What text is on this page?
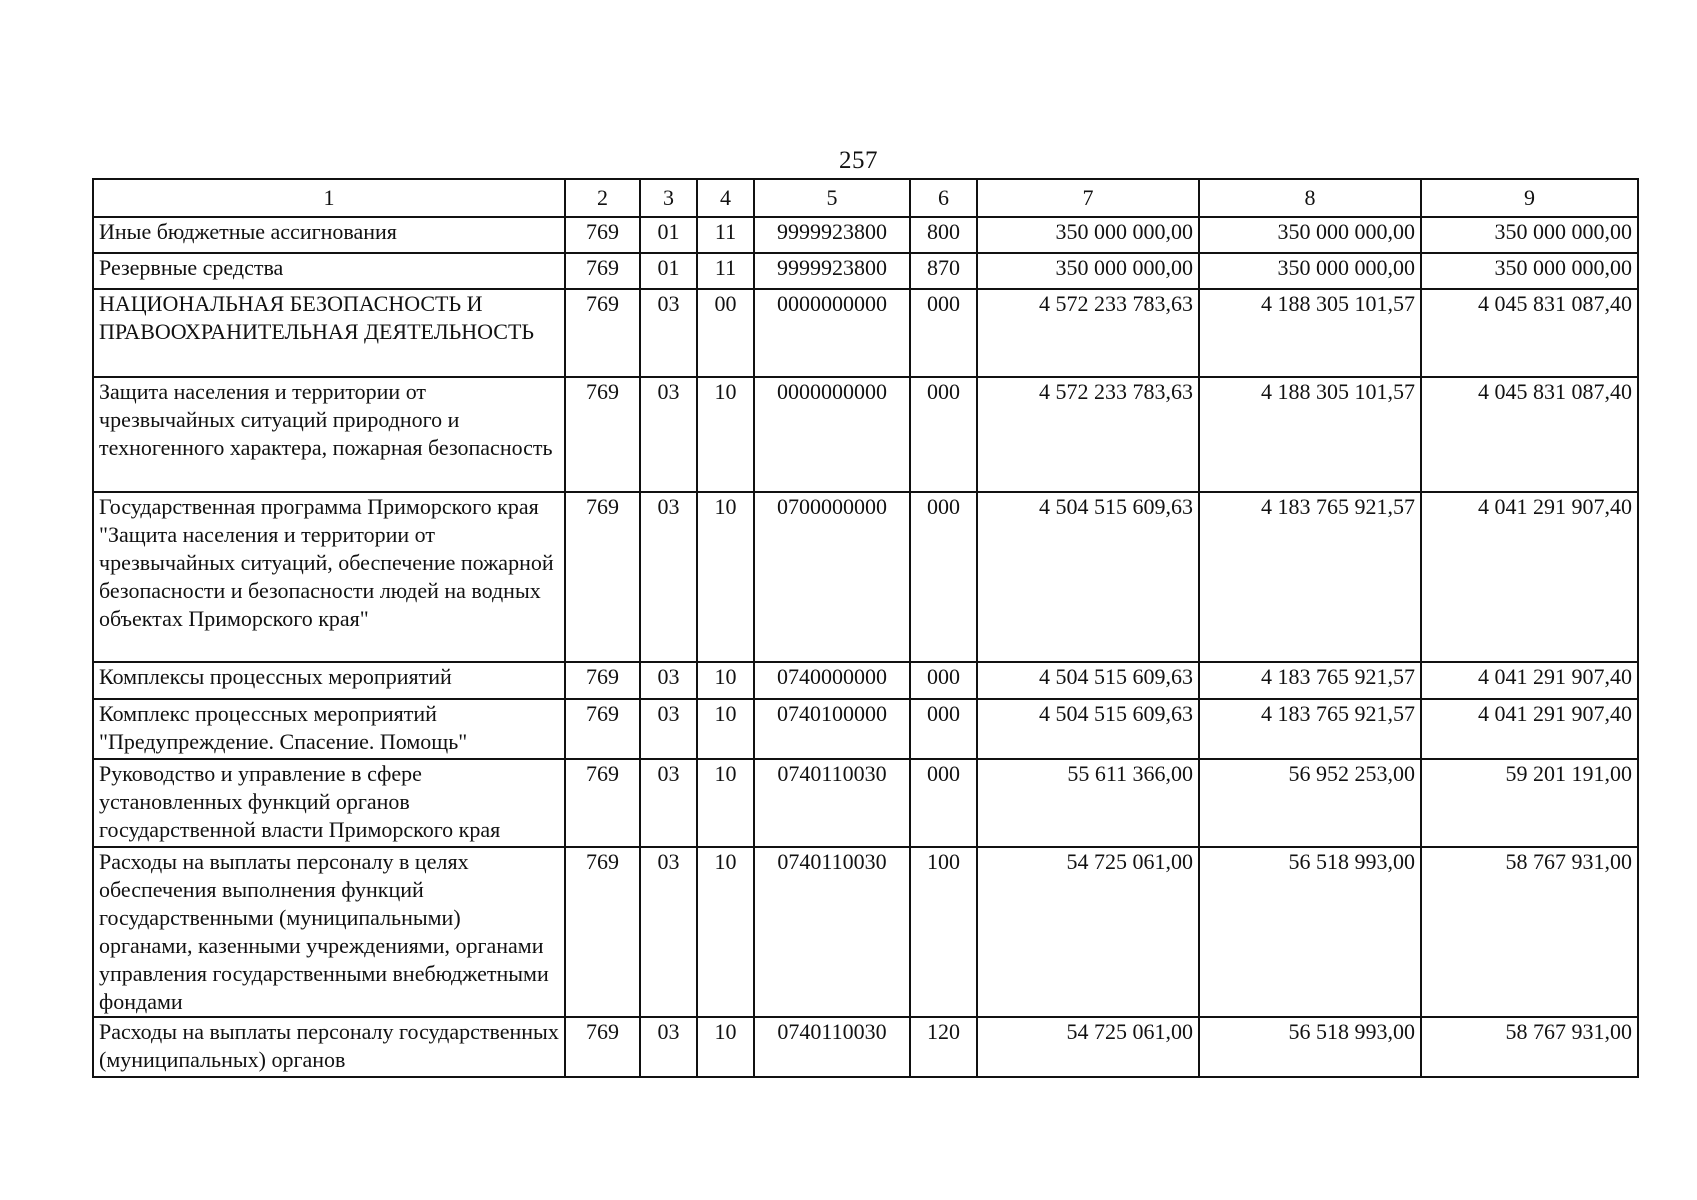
257
1	2	3	4	5	6	7	8	9
Иные бюджетные ассигнования	769	01	11	9999923800	800	350 000 000,00	350 000 000,00	350 000 000,00
Резервные средства	769	01	11	9999923800	870	350 000 000,00	350 000 000,00	350 000 000,00
НАЦИОНАЛЬНАЯ БЕЗОПАСНОСТЬ И ПРАВООХРАНИТЕЛЬНАЯ ДЕЯТЕЛЬНОСТЬ	769	03	00	0000000000	000	4 572 233 783,63	4 188 305 101,57	4 045 831 087,40
Защита населения и территории от чрезвычайных ситуаций природного и техногенного характера, пожарная безопасность	769	03	10	0000000000	000	4 572 233 783,63	4 188 305 101,57	4 045 831 087,40
Государственная программа Приморского края "Защита населения и территории от чрезвычайных ситуаций, обеспечение пожарной безопасности и безопасности людей на водных объектах Приморского края"	769	03	10	0700000000	000	4 504 515 609,63	4 183 765 921,57	4 041 291 907,40
Комплексы процессных мероприятий	769	03	10	0740000000	000	4 504 515 609,63	4 183 765 921,57	4 041 291 907,40
Комплекс процессных мероприятий "Предупреждение. Спасение. Помощь"	769	03	10	0740100000	000	4 504 515 609,63	4 183 765 921,57	4 041 291 907,40
Руководство и управление в сфере установленных функций органов государственной власти Приморского края	769	03	10	0740110030	000	55 611 366,00	56 952 253,00	59 201 191,00
Расходы на выплаты персоналу в целях обеспечения выполнения функций государственными (муниципальными) органами, казенными учреждениями, органами управления государственными внебюджетными фондами	769	03	10	0740110030	100	54 725 061,00	56 518 993,00	58 767 931,00
Расходы на выплаты персоналу государственных (муниципальных) органов	769	03	10	0740110030	120	54 725 061,00	56 518 993,00	58 767 931,00
